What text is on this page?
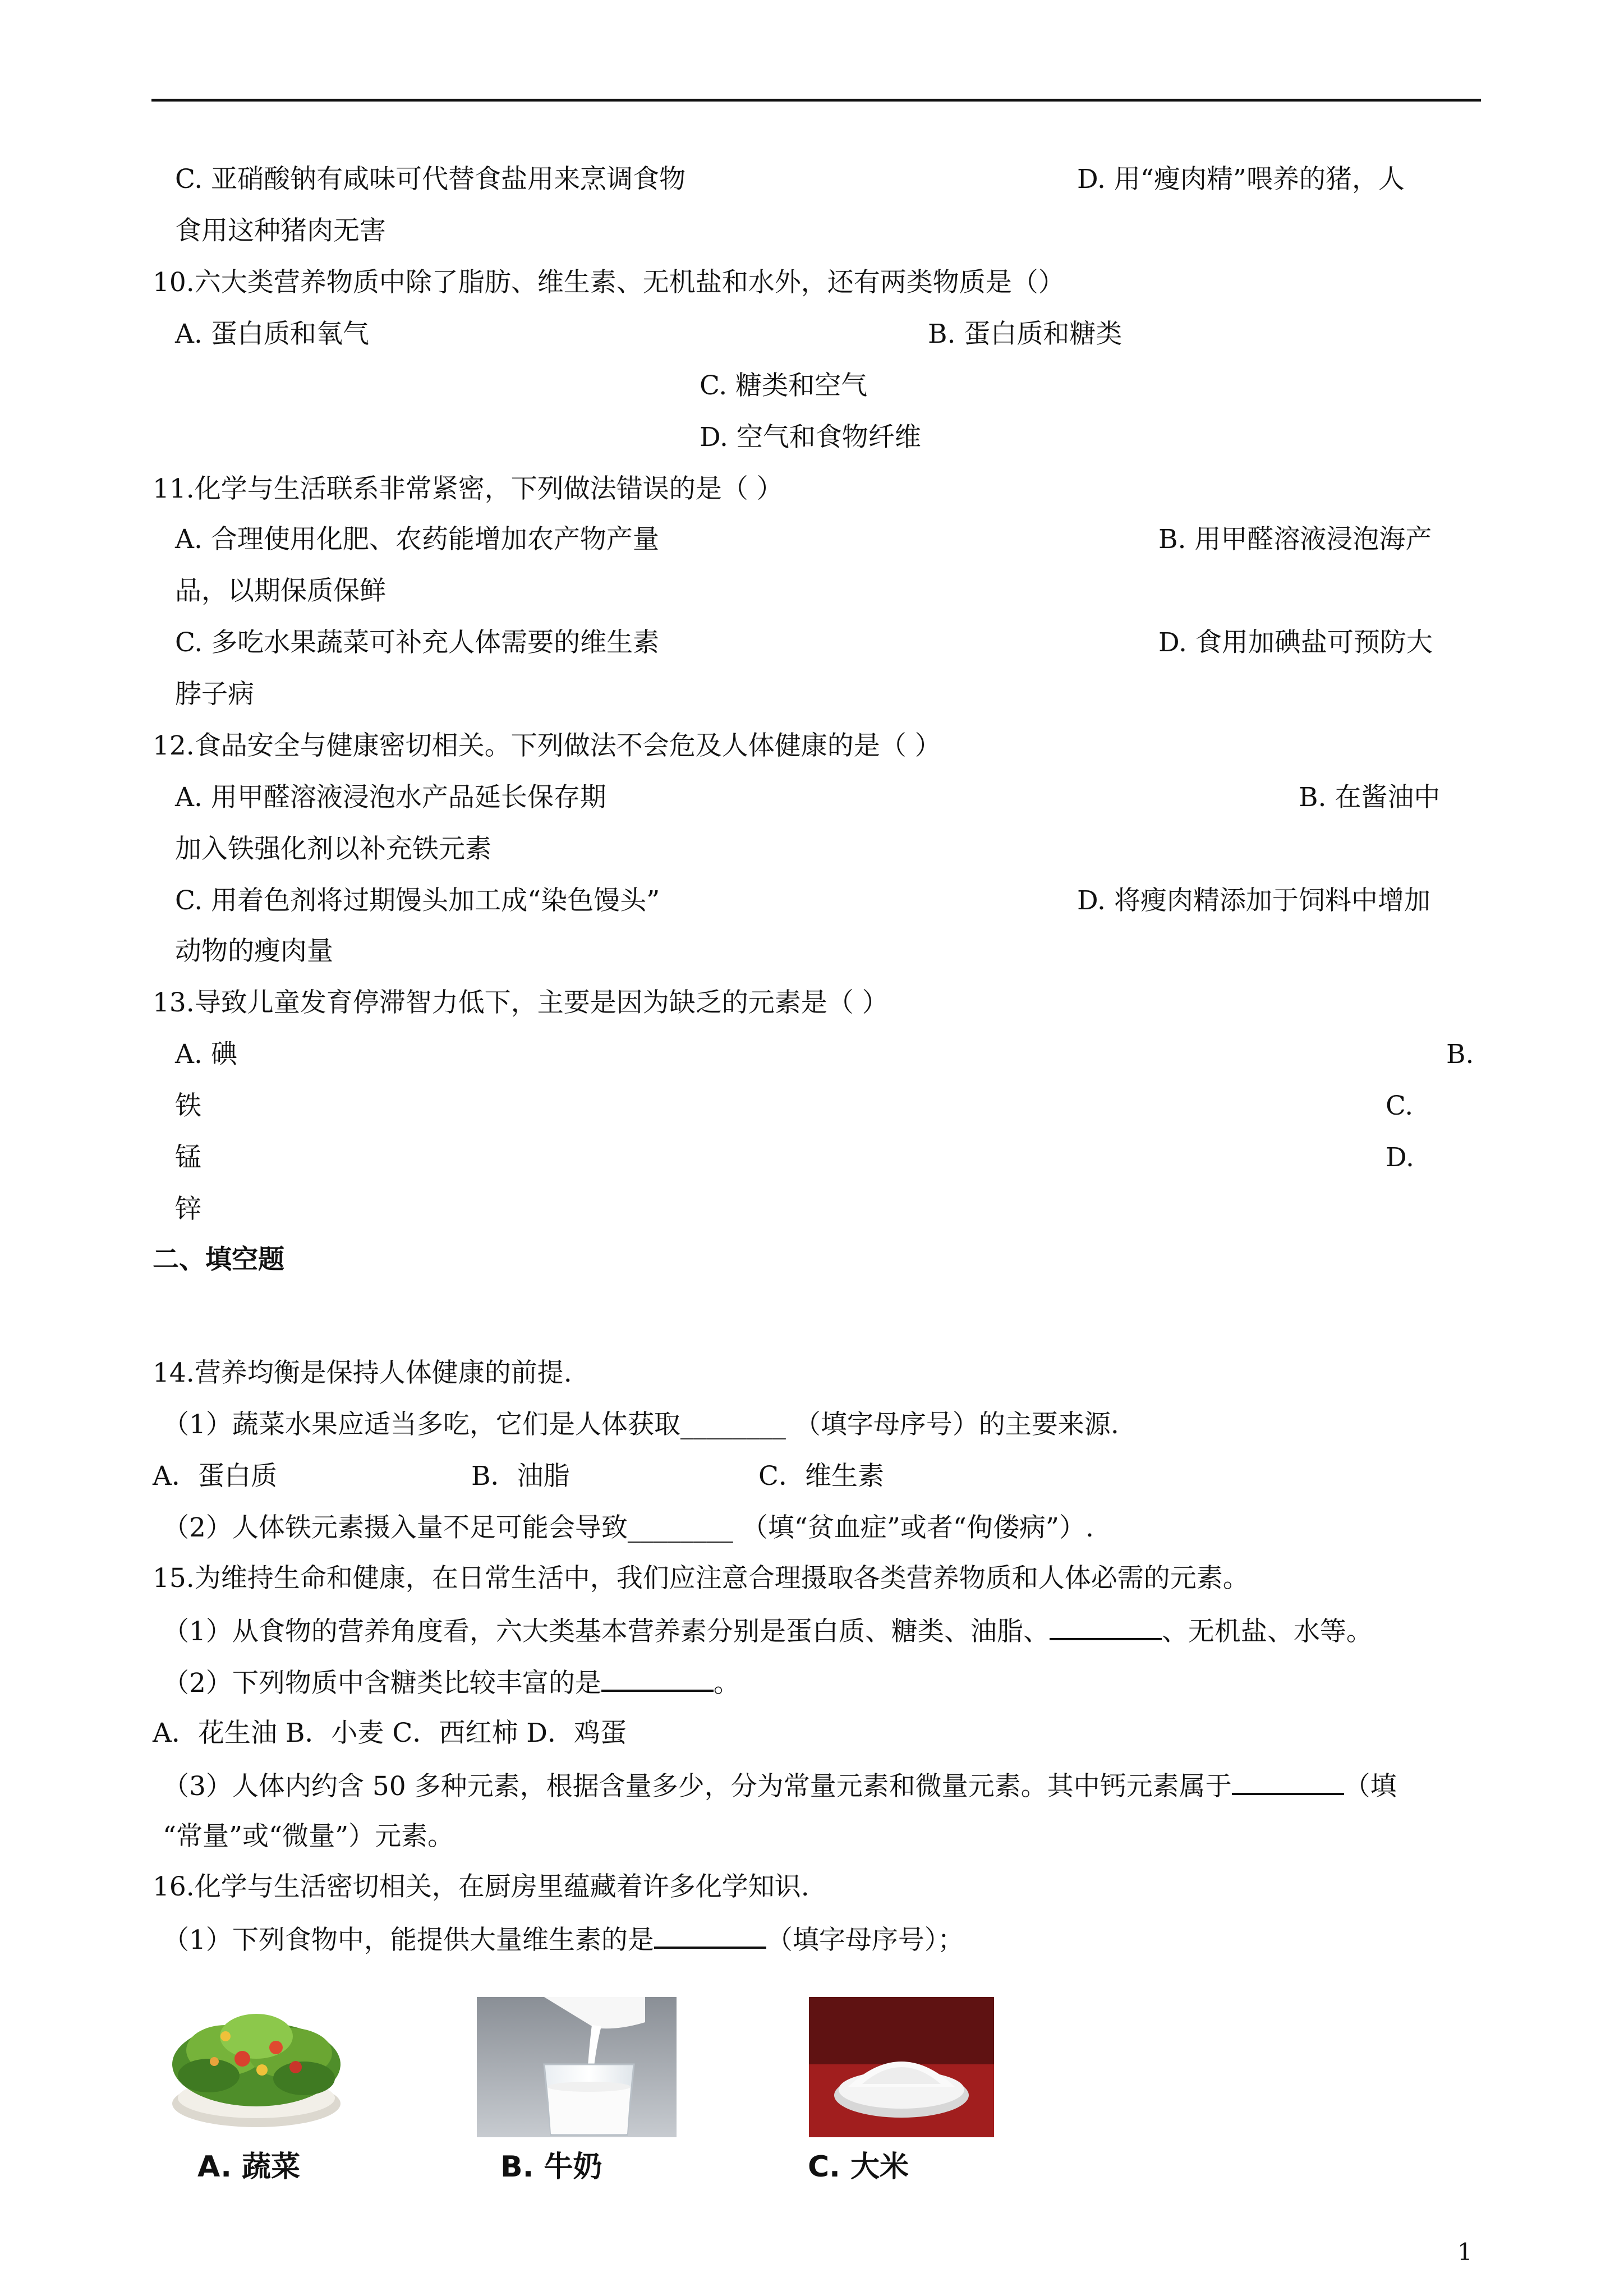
C. 亚硝酸钠有咸味可代替食盐用来烹调食物	D. 用“瘦肉精”喂养的猪，人
食用这种猪肉无害
10.六大类营养物质中除了脂肪、维生素、无机盐和水外，还有两类物质是（）
A. 蛋白质和氧气	B. 蛋白质和糖类
C. 糖类和空气
D. 空气和食物纤维
11.化学与生活联系非常紧密，下列做法错误的是（ ）
A. 合理使用化肥、农药能增加农产物产量	B. 用甲醛溶液浸泡海产
品，以期保质保鲜
C. 多吃水果蔬菜可补充人体需要的维生素	D. 食用加碘盐可预防大
脖子病
12.食品安全与健康密切相关。下列做法不会危及人体健康的是（ ）
A. 用甲醛溶液浸泡水产品延长保存期	B. 在酱油中
加入铁强化剂以补充铁元素
C. 用着色剂将过期馒头加工成“染色馒头”	D. 将瘦肉精添加于饲料中增加
动物的瘦肉量
13.导致儿童发育停滞智力低下，主要是因为缺乏的元素是（ ）
A. 碘	B.
铁	C.
锰	D.
锌
二、填空题
14.营养均衡是保持人体健康的前提.
（1）蔬菜水果应适当多吃，它们是人体获取________ （填字母序号）的主要来源.
A．蛋白质	B．油脂	C．维生素
（2）人体铁元素摄入量不足可能会导致________ （填“贫血症”或者“佝偻病”）.
15.为维持生命和健康，在日常生活中，我们应注意合理摄取各类营养物质和人体必需的元素。
（1）从食物的营养角度看，六大类基本营养素分别是蛋白质、糖类、油脂、	、无机盐、水等。
（2）下列物质中含糖类比较丰富的是	。
A．花生油 B．小麦 C．西红柿 D．鸡蛋
（3）人体内约含 50 多种元素，根据含量多少，分为常量元素和微量元素。其中钙元素属于	（填
“常量”或“微量”）元素。
16.化学与生活密切相关，在厨房里蕴藏着许多化学知识.
（1）下列食物中，能提供大量维生素的是	（填字母序号）；
A. 蔬菜	B. 牛奶	C. 大米
1
